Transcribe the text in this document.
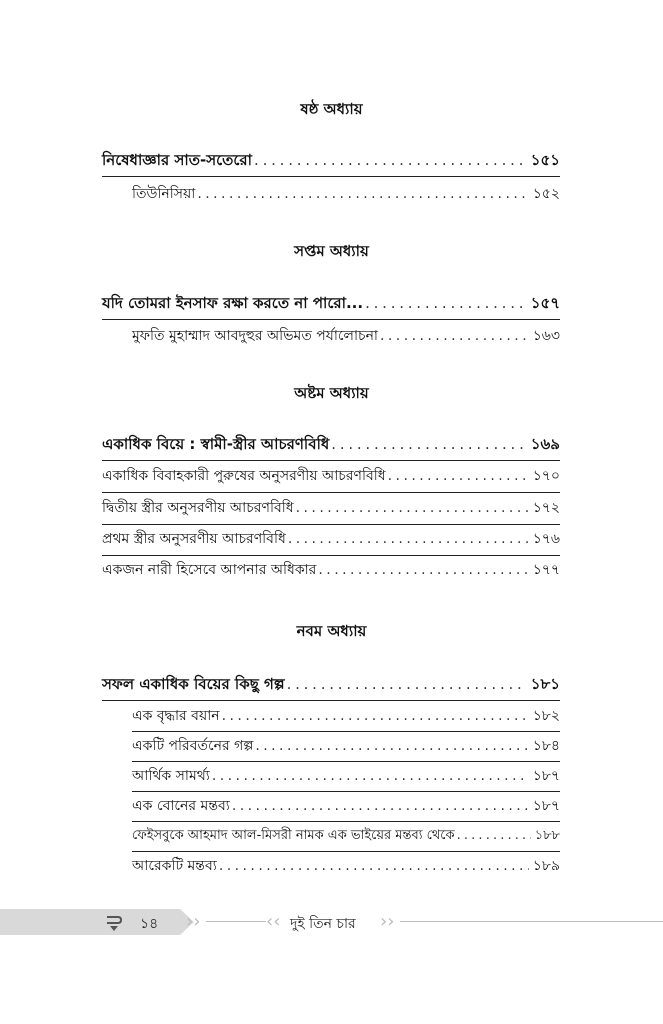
ষষ্ঠ অধ্যায়
নিষেধাজ্ঞার সাত-সতেরো . . .	১৫১
তিউনিসিয়া . . .	১৫২
সপ্তম অধ্যায়
যদি তোমরা ইনসাফ রক্ষা করতে না পারো... . . .	১৫৭
মুফতি মুহাম্মাদ আবদুহুর অভিমত পর্যালোচনা . . .	১৬৩
অষ্টম অধ্যায়
একাধিক বিয়ে : স্বামী-স্ত্রীর আচরণবিধি . . .	১৬৯
একাধিক বিবাহকারী পুরুষের অনুসরণীয় আচরণবিধি . . .	১৭০
দ্বিতীয় স্ত্রীর অনুসরণীয় আচরণবিধি . . .	১৭২
প্রথম স্ত্রীর অনুসরণীয় আচরণবিধি . . .	১৭৬
একজন নারী হিসেবে আপনার অধিকার . . .	১৭৭
নবম অধ্যায়
সফল একাধিক বিয়ের কিছু গল্প . . .	১৮১
এক বৃদ্ধার বয়ান . . .	১৮২
একটি পরিবর্তনের গল্প . . .	১৮৪
আর্থিক সামর্থ্য . . .	১৮৭
এক বোনের মন্তব্য . . .	১৮৭
ফেইসবুকে আহমাদ আল-মিসরী নামক এক ভাইয়ের মন্তব্য থেকে . . .	১৮৮
আরেকটি মন্তব্য . . .	১৮৯
১৪ ››	‹‹ দুই তিন চার ››
